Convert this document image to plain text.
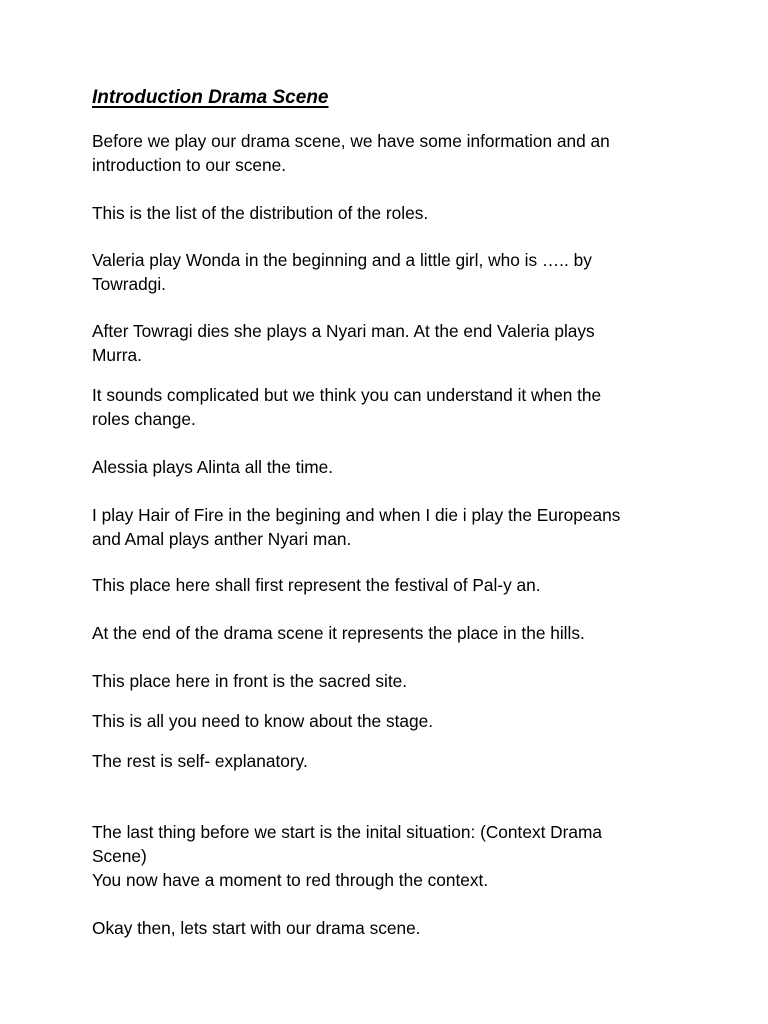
Introduction Drama Scene

Before we play our drama scene, we have some information and an
introduction to our scene.

This is the list of the distribution of the roles.

Valeria play Wonda in the beginning and a little girl, who is ….. by
Towradgi.

After Towragi dies she plays a Nyari man. At the end Valeria plays
Murra.

It sounds complicated but we think you can understand it when the
roles change.

Alessia plays Alinta all the time.

I play Hair of Fire in the begining and when I die i play the Europeans
and Amal plays anther Nyari man.

This place here shall first represent the festival of Pal-y an.

At the end of the drama scene it represents the place in the hills.

This place here in front is the sacred site.

This is all you need to know about the stage.

The rest is self- explanatory.

The last thing before we start is the inital situation: (Context Drama
Scene)
You now have a moment to red through the context.

Okay then, lets start with our drama scene.
